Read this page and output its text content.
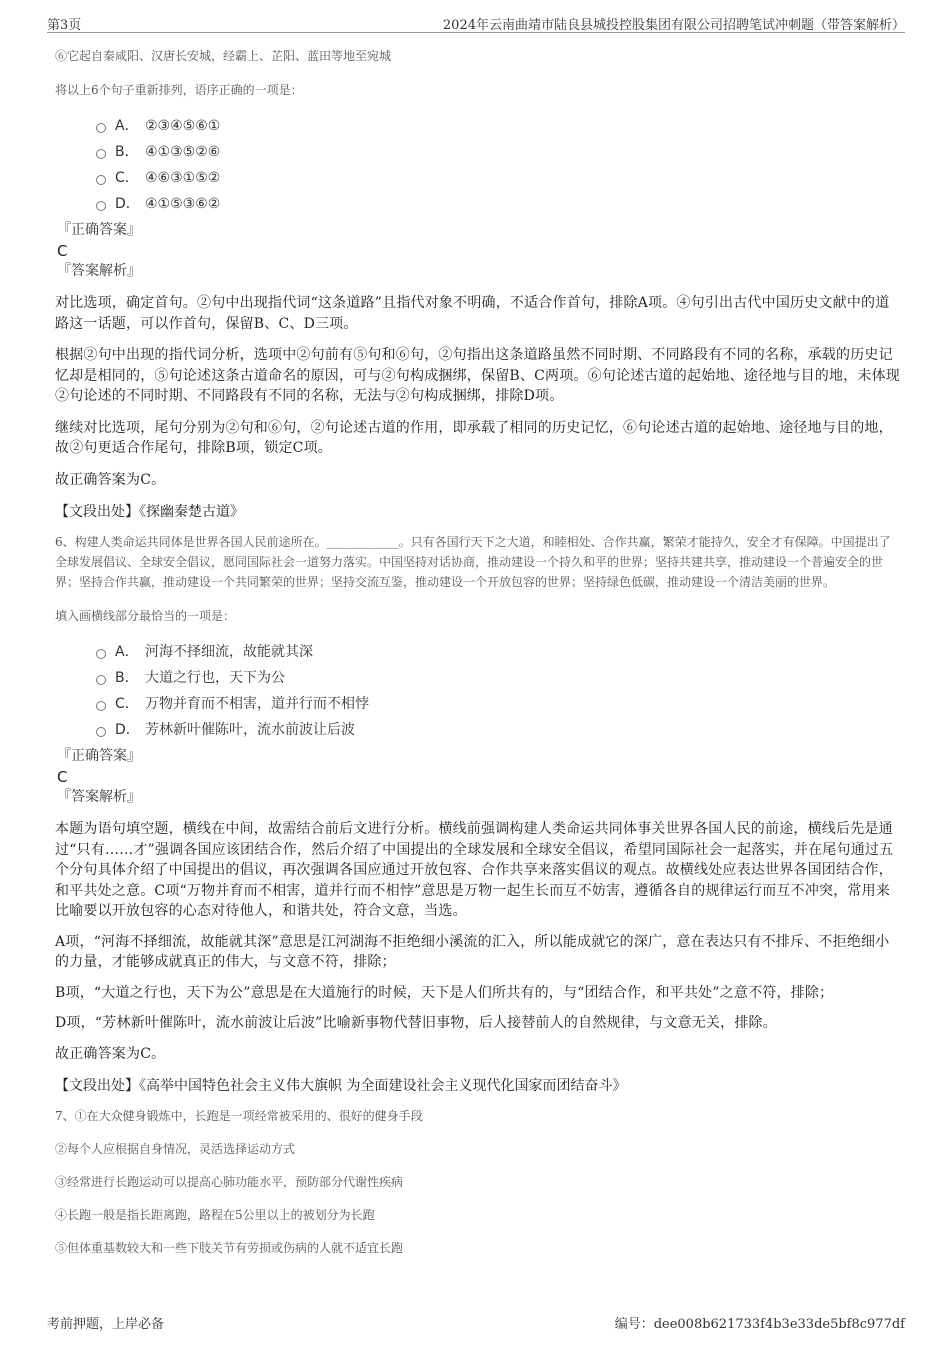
第3页	2024年云南曲靖市陆良县城投控股集团有限公司招聘笔试冲刺题（带答案解析）

⑥它起自秦咸阳、汉唐长安城，经霸上、芷阳、蓝田等地至宛城

将以上6个句子重新排列，语序正确的一项是：

A． ②③④⑤⑥①
B． ④①③⑤②⑥
C． ④⑥③①⑤②
D． ④①⑤③⑥②
『正确答案』
C
『答案解析』

对比选项，确定首句。②句中出现指代词“这条道路”且指代对象不明确，不适合作首句，排除A项。④句引出古代中国历史文献中的道路这一话题，可以作首句，保留B、C、D三项。

根据②句中出现的指代词分析，选项中②句前有⑤句和⑥句，②句指出这条道路虽然不同时期、不同路段有不同的名称，承载的历史记忆却是相同的，⑤句论述这条古道命名的原因，可与②句构成捆绑，保留B、C两项。⑥句论述古道的起始地、途径地与目的地，未体现②句论述的不同时期、不同路段有不同的名称，无法与②句构成捆绑，排除D项。

继续对比选项，尾句分别为②句和⑥句，②句论述古道的作用，即承载了相同的历史记忆，⑥句论述古道的起始地、途径地与目的地，故②句更适合作尾句，排除B项，锁定C项。

故正确答案为C。

【文段出处】《探幽秦楚古道》

6、构建人类命运共同体是世界各国人民前途所在。____________。只有各国行天下之大道，和睦相处、合作共赢，繁荣才能持久，安全才有保障。中国提出了全球发展倡议、全球安全倡议，愿同国际社会一道努力落实。中国坚持对话协商，推动建设一个持久和平的世界；坚持共建共享，推动建设一个普遍安全的世界；坚持合作共赢，推动建设一个共同繁荣的世界；坚持交流互鉴，推动建设一个开放包容的世界；坚持绿色低碳，推动建设一个清洁美丽的世界。

填入画横线部分最恰当的一项是：

A． 河海不择细流，故能就其深
B． 大道之行也，天下为公
C． 万物并育而不相害，道并行而不相悖
D． 芳林新叶催陈叶，流水前波让后波
『正确答案』
C
『答案解析』

本题为语句填空题，横线在中间，故需结合前后文进行分析。横线前强调构建人类命运共同体事关世界各国人民的前途，横线后先是通过“只有……才”强调各国应该团结合作，然后介绍了中国提出的全球发展和全球安全倡议，希望同国际社会一起落实，并在尾句通过五个分句具体介绍了中国提出的倡议，再次强调各国应通过开放包容、合作共享来落实倡议的观点。故横线处应表达世界各国团结合作，和平共处之意。C项“万物并育而不相害，道并行而不相悖”意思是万物一起生长而互不妨害，遵循各自的规律运行而互不冲突，常用来比喻要以开放包容的心态对待他人，和谐共处，符合文意，当选。

A项，“河海不择细流，故能就其深”意思是江河湖海不拒绝细小溪流的汇入，所以能成就它的深广，意在表达只有不排斥、不拒绝细小的力量，才能够成就真正的伟大，与文意不符，排除；

B项，“大道之行也，天下为公”意思是在大道施行的时候，天下是人们所共有的，与“团结合作，和平共处”之意不符，排除；

D项，“芳林新叶催陈叶，流水前波让后波”比喻新事物代替旧事物，后人接替前人的自然规律，与文意无关，排除。

故正确答案为C。

【文段出处】《高举中国特色社会主义伟大旗帜 为全面建设社会主义现代化国家而团结奋斗》

7、①在大众健身锻炼中，长跑是一项经常被采用的、很好的健身手段

②每个人应根据自身情况，灵活选择运动方式

③经常进行长跑运动可以提高心肺功能水平，预防部分代谢性疾病

④长跑一般是指长距离跑，路程在5公里以上的被划分为长跑

⑤但体重基数较大和一些下肢关节有劳损或伤病的人就不适宜长跑

考前押题，上岸必备	编号：dee008b621733f4b3e33de5bf8c977df
